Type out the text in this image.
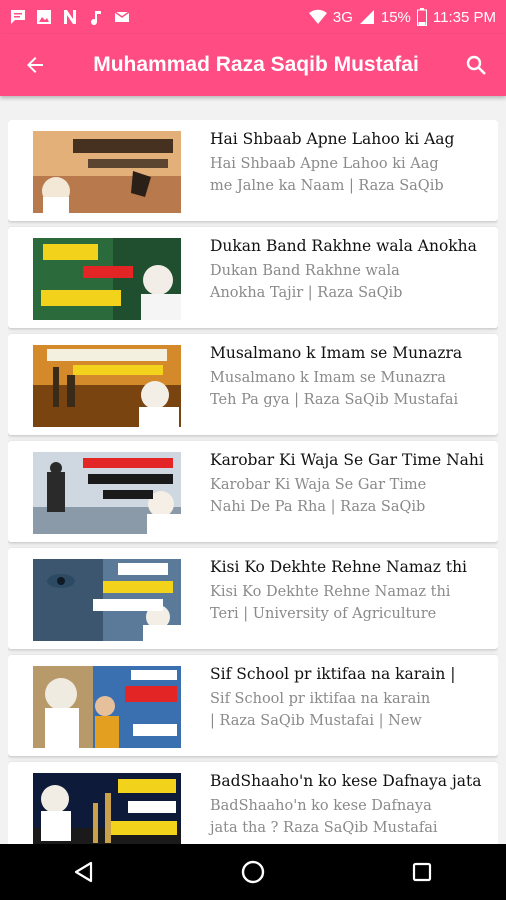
3G 15% 11:35 PM
Muhammad Raza Saqib Mustafai
Hai Shbaab Apne Lahoo ki Aag
Hai Shbaab Apne Lahoo ki Aag
me Jalne ka Naam | Raza SaQib
Dukan Band Rakhne wala Anokha
Dukan Band Rakhne wala
Anokha Tajir | Raza SaQib
Musalmano k Imam se Munazra
Musalmano k Imam se Munazra
Teh Pa gya | Raza SaQib Mustafai
Karobar Ki Waja Se Gar Time Nahi
Karobar Ki Waja Se Gar Time
Nahi De Pa Rha | Raza SaQib
Kisi Ko Dekhte Rehne Namaz thi
Kisi Ko Dekhte Rehne Namaz thi
Teri | University of Agriculture
Sif School pr iktifaa na karain |
Sif School pr iktifaa na karain
| Raza SaQib Mustafai | New
BadShaaho'n ko kese Dafnaya jata
BadShaaho'n ko kese Dafnaya
jata tha ? Raza SaQib Mustafai
